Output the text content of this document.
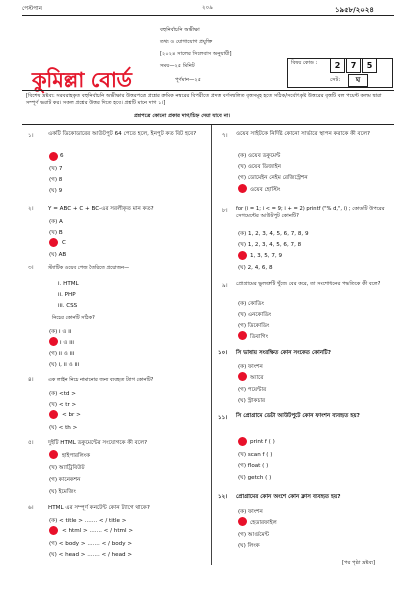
পেস্টপান	২০৯	১৯৫৮/২০২৪
কুমিল্লা বোর্ড
বহুনির্বাচনি অভীক্ষা
তথ্য ও যোগাযোগ প্রযুক্তি
[২০২৪ সালের সিলেবাস অনুযায়ী]
সময়—২৫ মিনিট
পূর্ণমান—২৫
বিষয় কোড :	2	7	5
সেট:	ঘ
[বিশেষ দ্রষ্টব্য: সরবরাহকৃত বহুনির্বাচনি অভীক্ষার উত্তরপত্রে প্রশ্নের ক্রমিক নম্বরের বিপরীতে প্রদত্ত বর্ণসম্বলিত বৃত্তসমূহ হতে সঠিক/সর্বোৎকৃষ্ট উত্তরের বৃত্তটি বল পয়েন্ট কলম দ্বারা সম্পূর্ণ ভরাট কর। সকল প্রশ্নের উত্তর দিতে হবে। প্রশ্নটি মানে দাগ ১।]
প্রশ্নপত্রে কোনো প্রকার দাগ/চিহ্ন দেয়া যাবে না।
১।	একটি ডিকোডারের আউটপুট 64 পেতে হলে, ইনপুট কত বিট হবে?
6
(খ) 7
(গ) 8
(ঘ) 9
২।	Y = ABC + C + BC-এর সরলীকৃত মান কত?
(ক) A
(খ) B
C
(ঘ) AB
৩।	স্ট্যাটিক ওয়েব পেজ তৈরিতে প্রয়োজন—
i. HTML
ii. PHP
iii. CSS
নিচের কোনটি সঠিক?
(ক) i ও ii
i ও iii
(গ) ii ও iii
(ঘ) i, ii ও iii
৪।	এক লাইন নিচে নামানোর জন্য ব্যবহৃত ট্যাগ কোনটি?
(ক) <td >
(খ) < tr >
< br >
(ঘ) < th >
৫।	দুইটি HTML ডকুমেন্টের সংযোগকে কী বলে?
হাইপারলিংক
(খ) অ্যাট্রিবিউট
(গ) কানেকশন
(ঘ) ইমেজিং
৬।	HTML এর সম্পূর্ণ কনটেন্ট কোন ট্যাগে থাকে?
(ক) < title > ....... < / title >
< html > ....... < / html >
(গ) < body > ....... < / body >
(ঘ) < head > ....... < / head >
৭। ওয়েব সাইটকে নির্দিষ্ট কোনো সার্ভারে স্থাপন করাকে কী বলে?
(ক) ওয়েব ডকুমেন্ট
(খ) ওয়েব ডিজাইন
(গ) ডোমেইন নেইম রেজিস্ট্রেশন
ওয়েব হোস্টিং
৮। for (i = 1; i < = 9; i + = 2) printf ("% d,", i) ; কোডটি উপরের সেগমেন্টের আউটপুট কোনটি?
(ক) 1, 2, 3, 4, 5, 6, 7, 8, 9
(খ) 1, 2, 3, 4, 5, 6, 7, 8
1, 3, 5, 7, 9
(ঘ) 2, 4, 6, 8
৯। প্রোগ্রামের ভুলত্রুটি খুঁজে বের করে, তা সংশোধনের পদ্ধতিকে কী বলে?
(ক) কোডিং
(খ) এনকোডিং
(গ) ডিকোডিং
ডিবাগিং
১০। সি ভাষায় সংরক্ষিত কোন সংকেত কোনটি?
(ক) ফাংশন
অ্যারে
(গ) পয়েন্টার
(ঘ) স্ট্রাকচার
১১। সি প্রোগ্রামে ডেটা আউটপুটে কোন ফাংশন ব্যবহৃত হয়?
print f ( )
(খ) scan f ( )
(গ) float ( )
(ঘ) getch ( )
১২। প্রোগ্রামের কোন অংশে কোন ক্লাস ব্যবহৃত হয়?
(ক) ফাংশন
হেডারফাইল
(গ) আর্গুমেন্ট
(ঘ) লিংক
[পর পৃষ্ঠা দ্রষ্টব্য]
